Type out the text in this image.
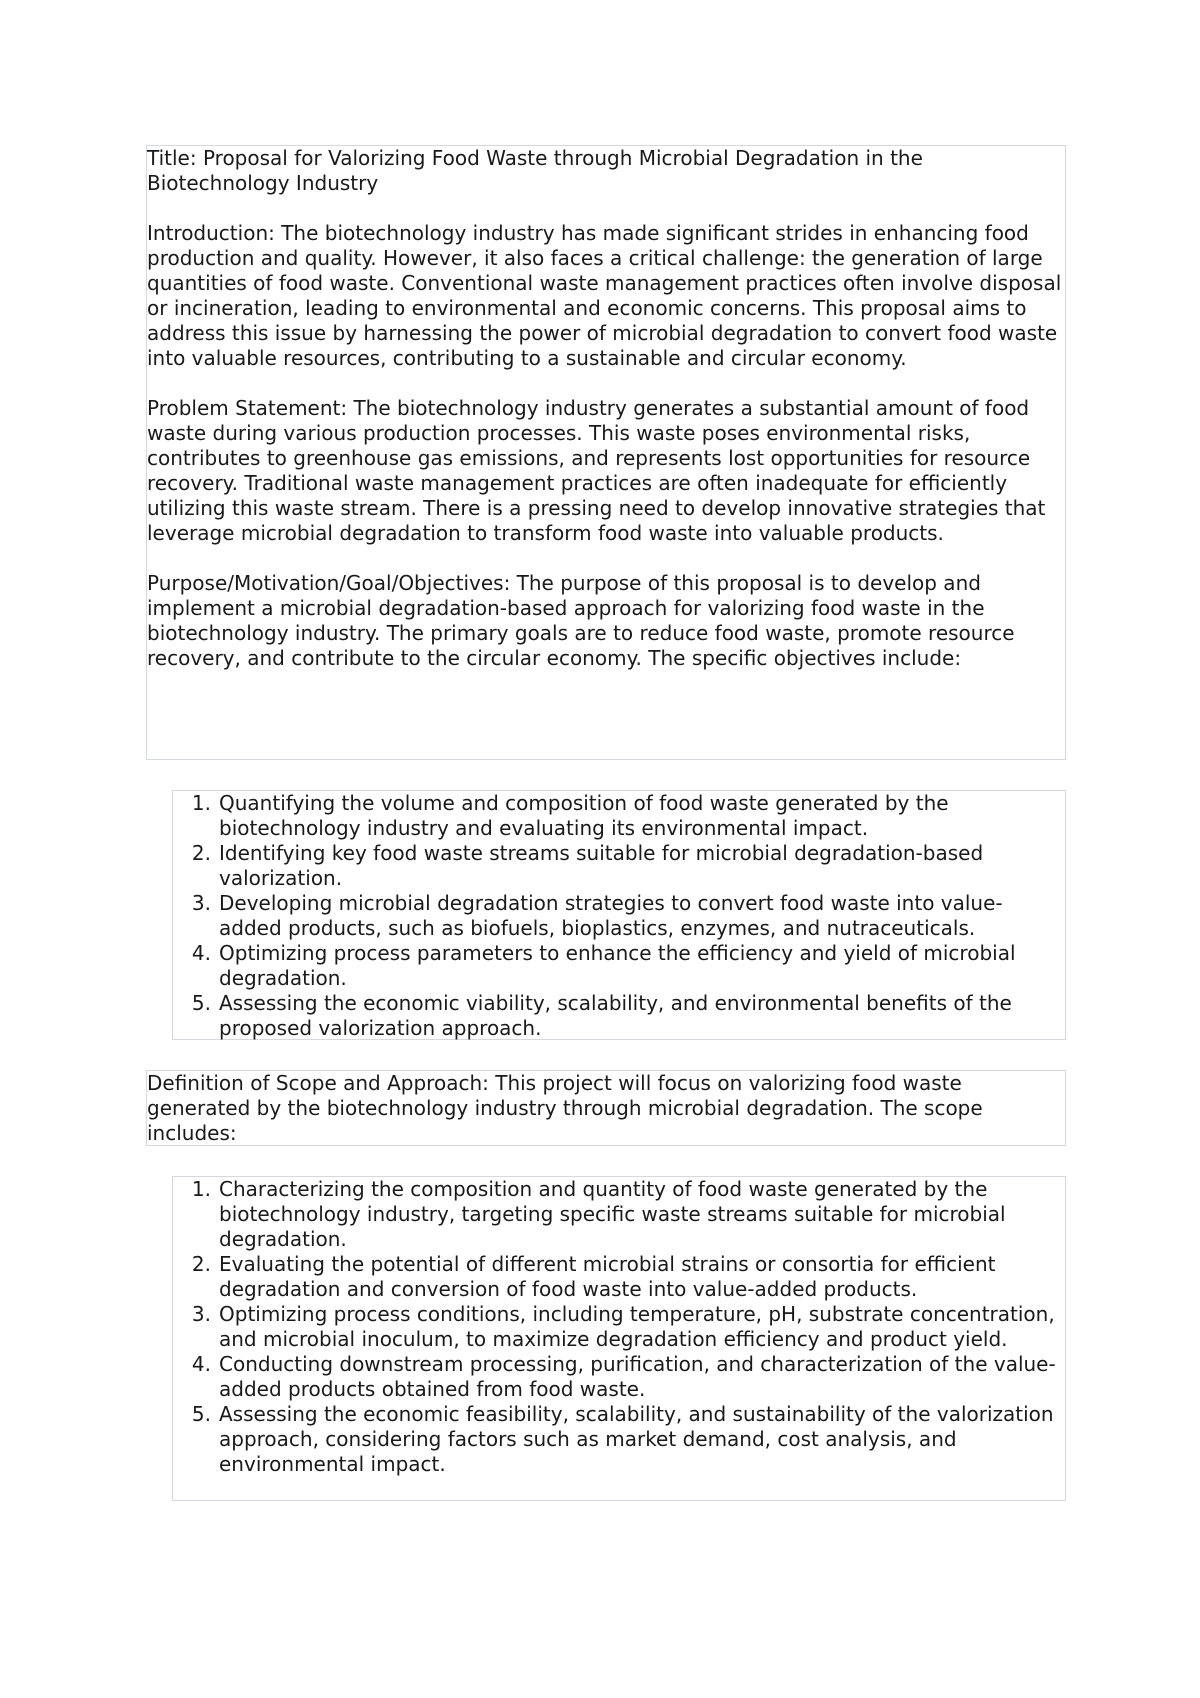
Title: Proposal for Valorizing Food Waste through Microbial Degradation in the Biotechnology Industry

Introduction: The biotechnology industry has made significant strides in enhancing food production and quality. However, it also faces a critical challenge: the generation of large quantities of food waste. Conventional waste management practices often involve disposal or incineration, leading to environmental and economic concerns. This proposal aims to address this issue by harnessing the power of microbial degradation to convert food waste into valuable resources, contributing to a sustainable and circular economy.

Problem Statement: The biotechnology industry generates a substantial amount of food waste during various production processes. This waste poses environmental risks, contributes to greenhouse gas emissions, and represents lost opportunities for resource recovery. Traditional waste management practices are often inadequate for efficiently utilizing this waste stream. There is a pressing need to develop innovative strategies that leverage microbial degradation to transform food waste into valuable products.

Purpose/Motivation/Goal/Objectives: The purpose of this proposal is to develop and implement a microbial degradation-based approach for valorizing food waste in the biotechnology industry. The primary goals are to reduce food waste, promote resource recovery, and contribute to the circular economy. The specific objectives include:

1. Quantifying the volume and composition of food waste generated by the biotechnology industry and evaluating its environmental impact.
2. Identifying key food waste streams suitable for microbial degradation-based valorization.
3. Developing microbial degradation strategies to convert food waste into value-added products, such as biofuels, bioplastics, enzymes, and nutraceuticals.
4. Optimizing process parameters to enhance the efficiency and yield of microbial degradation.
5. Assessing the economic viability, scalability, and environmental benefits of the proposed valorization approach.

Definition of Scope and Approach: This project will focus on valorizing food waste generated by the biotechnology industry through microbial degradation. The scope includes:

1. Characterizing the composition and quantity of food waste generated by the biotechnology industry, targeting specific waste streams suitable for microbial degradation.
2. Evaluating the potential of different microbial strains or consortia for efficient degradation and conversion of food waste into value-added products.
3. Optimizing process conditions, including temperature, pH, substrate concentration, and microbial inoculum, to maximize degradation efficiency and product yield.
4. Conducting downstream processing, purification, and characterization of the value-added products obtained from food waste.
5. Assessing the economic feasibility, scalability, and sustainability of the valorization approach, considering factors such as market demand, cost analysis, and environmental impact.
